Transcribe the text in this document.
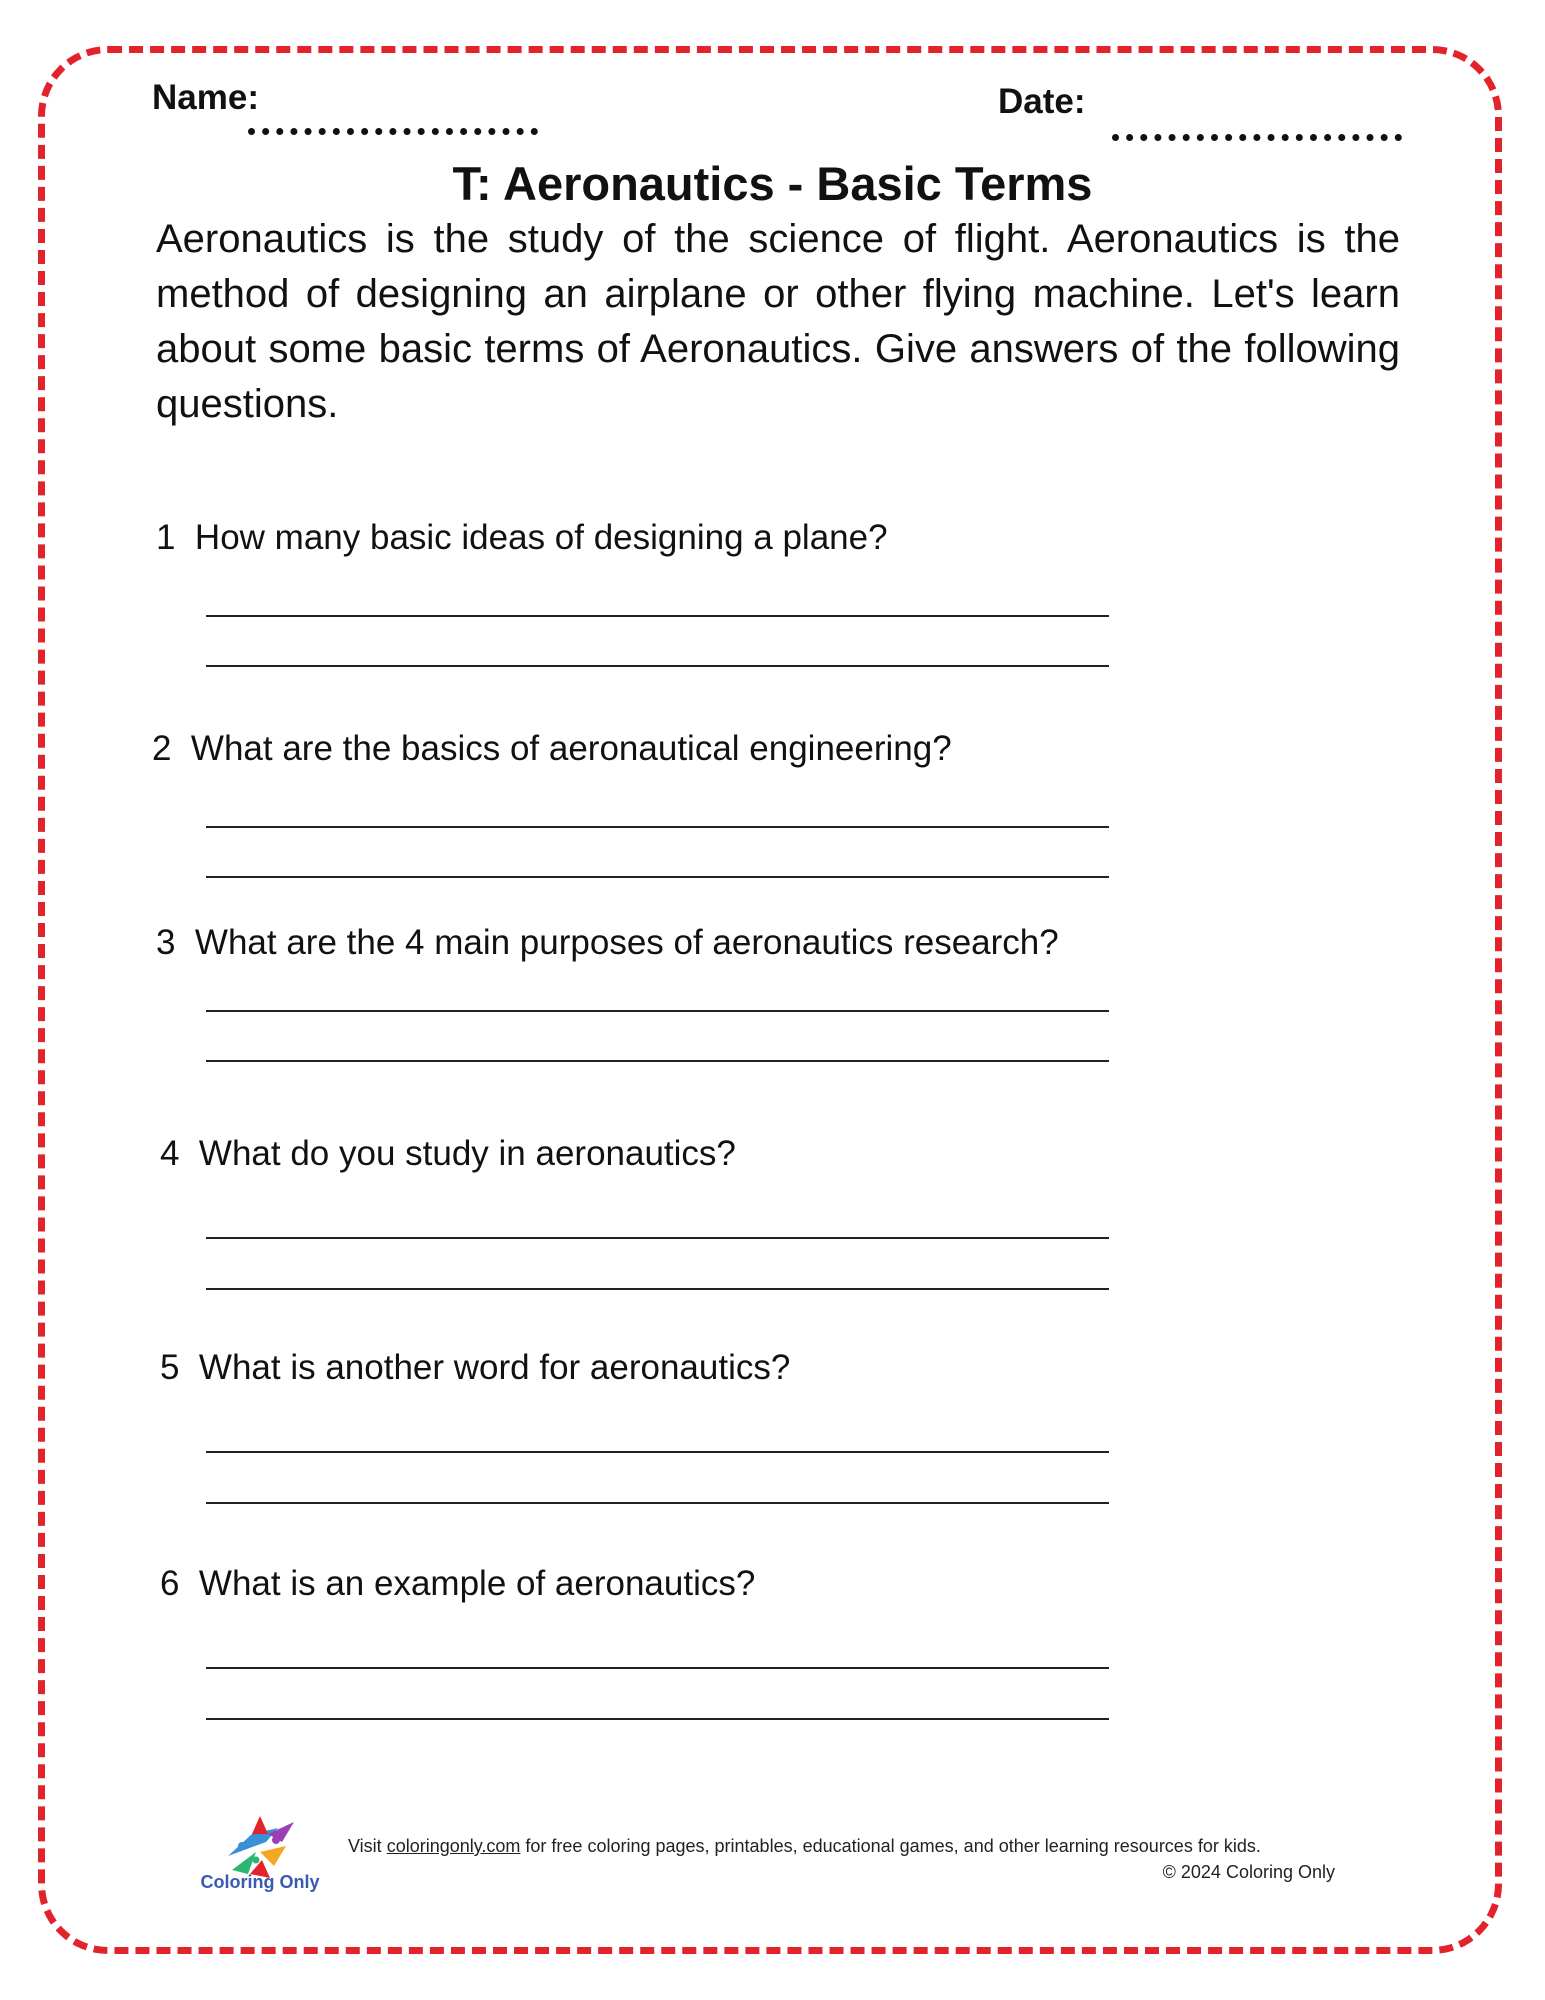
Name:	Date:
T: Aeronautics - Basic Terms
Aeronautics is the study of the science of flight. Aeronautics is the method of designing an airplane or other flying machine. Let's learn about some basic terms of Aeronautics. Give answers of the following questions.
1 How many basic ideas of designing a plane?
2 What are the basics of aeronautical engineering?
3 What are the 4 main purposes of aeronautics research?
4 What do you study in aeronautics?
5 What is another word for aeronautics?
6 What is an example of aeronautics?
Coloring Only
Visit coloringonly.com for free coloring pages, printables, educational games, and other learning resources for kids.
© 2024 Coloring Only
